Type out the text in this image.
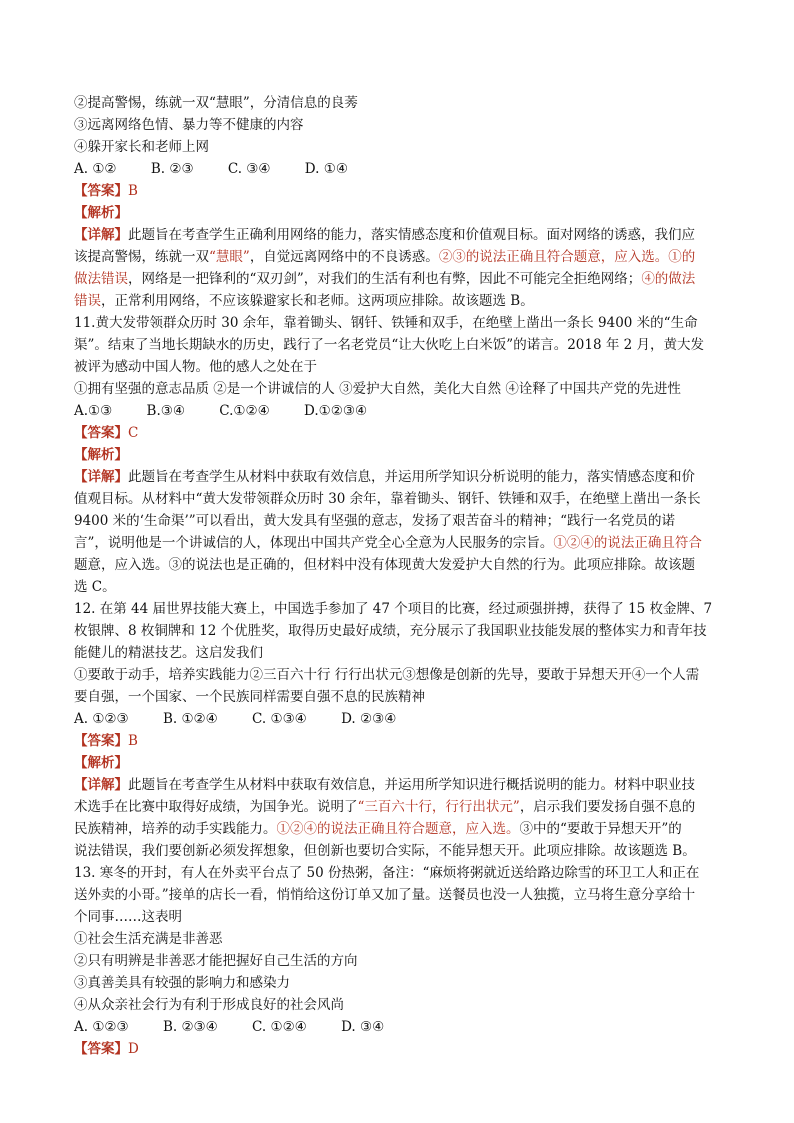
②提高警惕，练就一双“慧眼”，分清信息的良莠
③远离网络色情、暴力等不健康的内容
④躲开家长和老师上网
A. ①②	B. ②③	C. ③④	D. ①④
【答案】B
【解析】
【详解】此题旨在考查学生正确利用网络的能力，落实情感态度和价值观目标。面对网络的诱惑，我们应
该提高警惕，练就一双“慧眼”，自觉远离网络中的不良诱惑。②③的说法正确且符合题意，应入选。①的
做法错误，网络是一把锋利的“双刃剑”，对我们的生活有利也有弊，因此不可能完全拒绝网络；④的做法
错误，正常利用网络，不应该躲避家长和老师。这两项应排除。故该题选 B。
11.黄大发带领群众历时 30 余年，靠着锄头、钢钎、铁锤和双手，在绝壁上凿出一条长 9400 米的“生命
渠”。结束了当地长期缺水的历史，践行了一名老党员“让大伙吃上白米饭”的诺言。2018 年 2 月，黄大发
被评为感动中国人物。他的感人之处在于
①拥有坚强的意志品质 ②是一个讲诚信的人 ③爱护大自然，美化大自然 ④诠释了中国共产党的先进性
A.①③	B.③④	C.①②④	D.①②③④
【答案】C
【解析】
【详解】此题旨在考查学生从材料中获取有效信息，并运用所学知识分析说明的能力，落实情感态度和价
值观目标。从材料中“黄大发带领群众历时 30 余年，靠着锄头、钢钎、铁锤和双手，在绝壁上凿出一条长
9400 米的‘生命渠’”可以看出，黄大发具有坚强的意志，发扬了艰苦奋斗的精神；“践行一名党员的诺
言”，说明他是一个讲诚信的人，体现出中国共产党全心全意为人民服务的宗旨。①②④的说法正确且符合
题意，应入选。③的说法也是正确的，但材料中没有体现黄大发爱护大自然的行为。此项应排除。故该题
选 C。
12. 在第 44 届世界技能大赛上，中国选手参加了 47 个项目的比赛，经过顽强拼搏，获得了 15 枚金牌、7
枚银牌、8 枚铜牌和 12 个优胜奖，取得历史最好成绩，充分展示了我国职业技能发展的整体实力和青年技
能健儿的精湛技艺。这启发我们
①要敢于动手，培养实践能力②三百六十行 行行出状元③想像是创新的先导，要敢于异想天开④一个人需
要自强，一个国家、一个民族同样需要自强不息的民族精神
A. ①②③	B. ①②④	C. ①③④	D. ②③④
【答案】B
【解析】
【详解】此题旨在考查学生从材料中获取有效信息，并运用所学知识进行概括说明的能力。材料中职业技
术选手在比赛中取得好成绩，为国争光。说明了“三百六十行，行行出状元”，启示我们要发扬自强不息的
民族精神，培养的动手实践能力。①②④的说法正确且符合题意，应入选。③中的“要敢于异想天开”的
说法错误，我们要创新必须发挥想象，但创新也要切合实际，不能异想天开。此项应排除。故该题选 B。
13. 寒冬的开封，有人在外卖平台点了 50 份热粥，备注：“麻烦将粥就近送给路边除雪的环卫工人和正在
送外卖的小哥。”接单的店长一看，悄悄给这份订单又加了量。送餐员也没一人独揽，立马将生意分享给十
个同事……这表明
①社会生活充满是非善恶
②只有明辨是非善恶才能把握好自己生活的方向
③真善美具有较强的影响力和感染力
④从众亲社会行为有利于形成良好的社会风尚
A. ①②③	B. ②③④	C. ①②④	D. ③④
【答案】D
